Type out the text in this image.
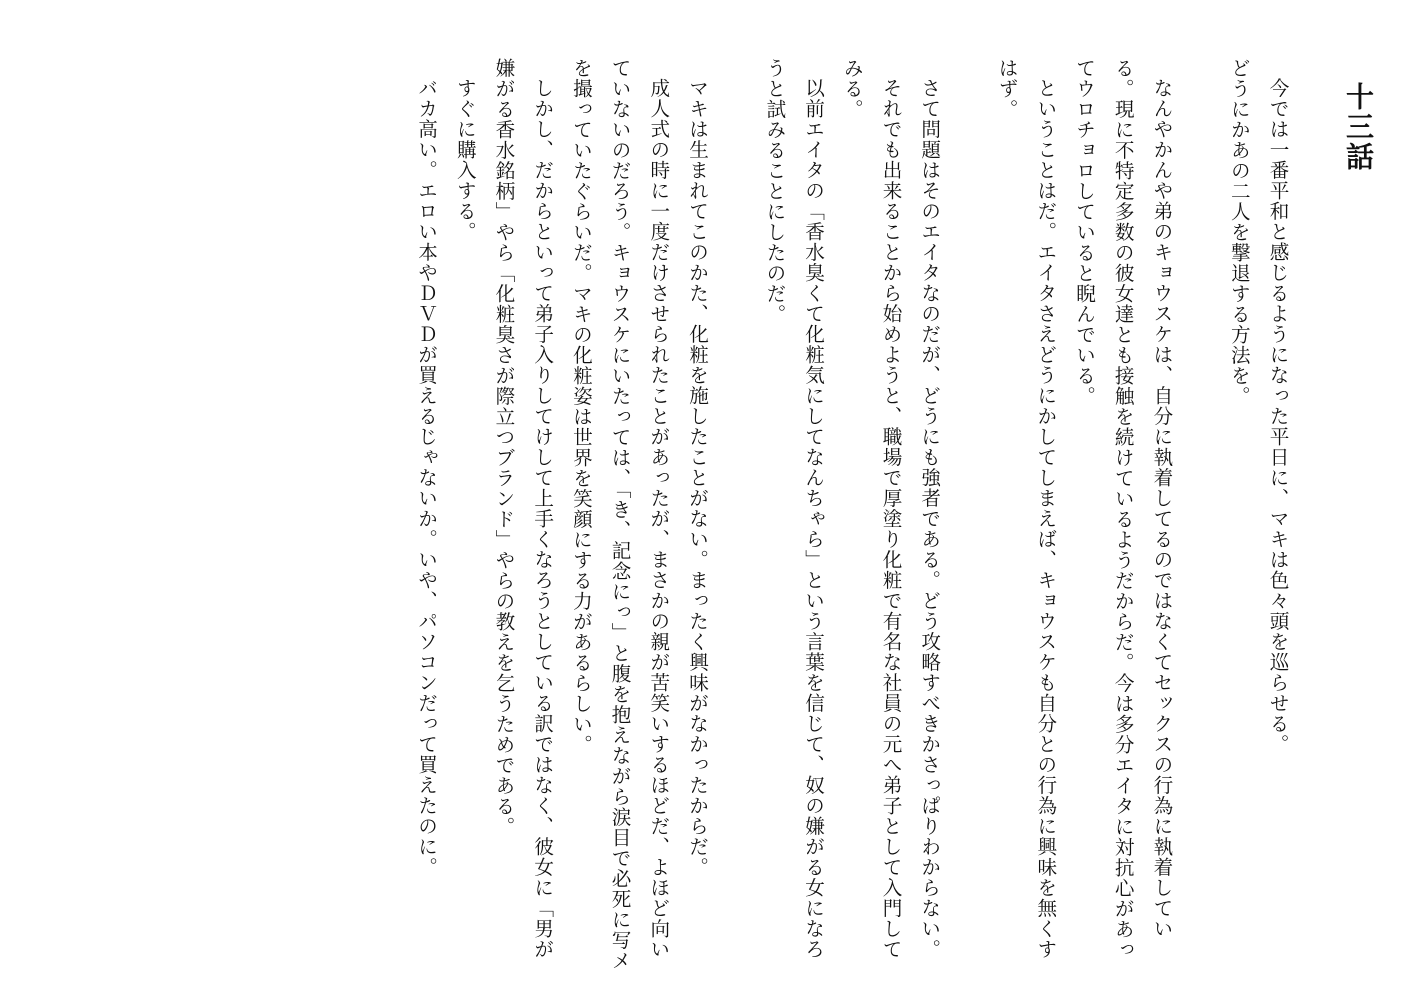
十三話

今では一番平和と感じるようになった平日に、マキは色々頭を巡らせる。

どうにかあの二人を撃退する方法を。

なんやかんや弟のキョウスケは、自分に執着してるのではなくてセックスの行為に執着している。現に不特定多数の彼女達とも接触を続けているようだからだ。今は多分エイタに対抗心があってウロチョロしていると睨んでいる。

ということはだ。エイタさえどうにかしてしまえば、キョウスケも自分との行為に興味を無くすはず。

さて問題はそのエイタなのだが、どうにも強者である。どう攻略すべきかさっぱりわからない。

それでも出来ることから始めようと、職場で厚塗り化粧で有名な社員の元へ弟子として入門してみる。

以前エイタの「香水臭くて化粧気にしてなんちゃら」という言葉を信じて、奴の嫌がる女になろうと試みることにしたのだ。

マキは生まれてこのかた、化粧を施したことがない。まったく興味がなかったからだ。

成人式の時に一度だけさせられたことがあったが、まさかの親が苦笑いするほどだ、よほど向いていないのだろう。キョウスケにいたっては、「き、記念にっ」と腹を抱えながら涙目で必死に写メを撮っていたぐらいだ。マキの化粧姿は世界を笑顔にする力があるらしい。

しかし、だからといって弟子入りしてけして上手くなろうとしている訳ではなく、彼女に「男が嫌がる香水銘柄」やら「化粧臭さが際立つブランド」やらの教えを乞うためである。

すぐに購入する。

バカ高い。エロい本やＤＶＤが買えるじゃないか。いや、パソコンだって買えたのに。
